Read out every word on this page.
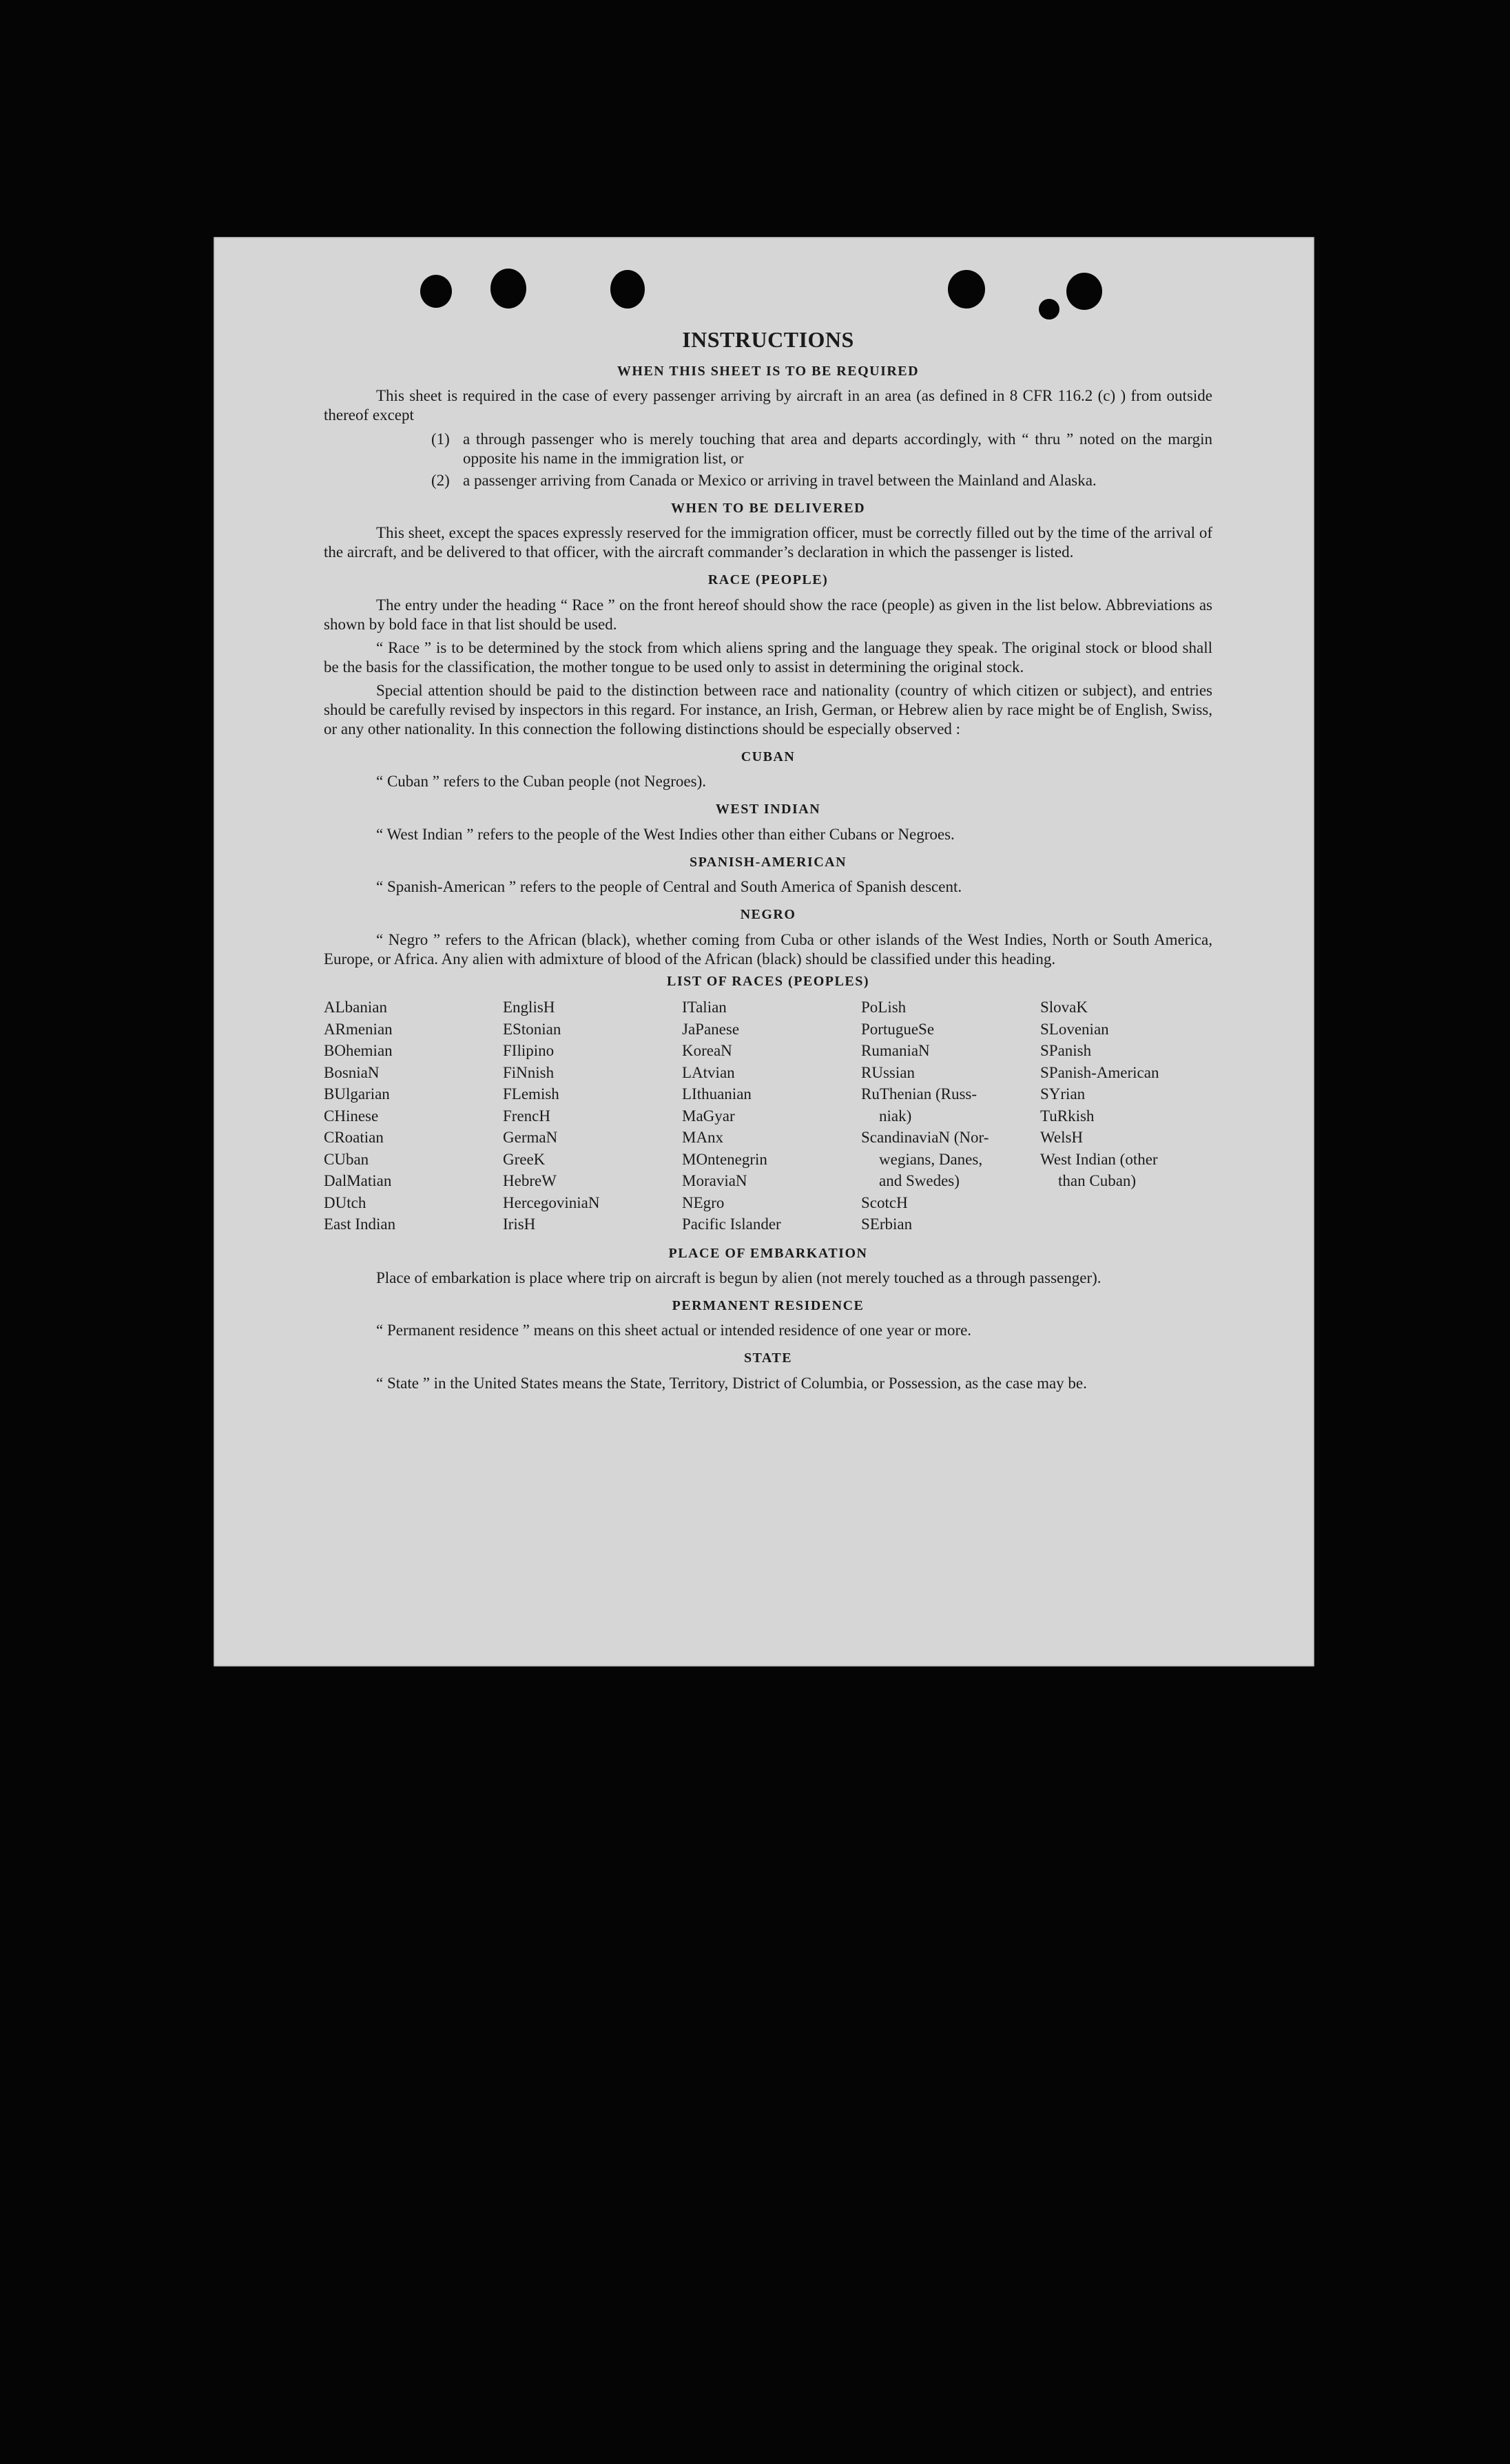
INSTRUCTIONS
WHEN THIS SHEET IS TO BE REQUIRED

This sheet is required in the case of every passenger arriving by aircraft in an area (as defined in 8 CFR 116.2 (c) ) from outside thereof except

(1) a through passenger who is merely touching that area and departs accordingly, with “ thru ” noted on the margin opposite his name in the immigration list, or
(2) a passenger arriving from Canada or Mexico or arriving in travel between the Mainland and Alaska.
WHEN TO BE DELIVERED

This sheet, except the spaces expressly reserved for the immigration officer, must be correctly filled out by the time of the arrival of the aircraft, and be delivered to that officer, with the aircraft commander’s declaration in which the passenger is listed.

RACE (PEOPLE)

The entry under the heading “ Race ” on the front hereof should show the race (people) as given in the list below. Abbreviations as shown by bold face in that list should be used.

“ Race ” is to be determined by the stock from which aliens spring and the language they speak. The original stock or blood shall be the basis for the classification, the mother tongue to be used only to assist in determining the original stock.

Special attention should be paid to the distinction between race and nationality (country of which citizen or subject), and entries should be carefully revised by inspectors in this regard. For instance, an Irish, German, or Hebrew alien by race might be of English, Swiss, or any other nationality. In this connection the following distinctions should be especially observed :

CUBAN

“ Cuban ” refers to the Cuban people (not Negroes).

WEST INDIAN

“ West Indian ” refers to the people of the West Indies other than either Cubans or Negroes.

SPANISH-AMERICAN

“ Spanish-American ” refers to the people of Central and South America of Spanish descent.

NEGRO

“ Negro ” refers to the African (black), whether coming from Cuba or other islands of the West Indies, North or South America, Europe, or Africa. Any alien with admixture of blood of the African (black) should be classified under this heading.

LIST OF RACES (PEOPLES)
ALbanian
ARmenian
BOhemian
BosniaN
BUlgarian
CHinese
CRoatian
CUban
DalMatian
DUtch
East Indian
EnglisH
EStonian
FIlipino
FiNnish
FLemish
FrencH
GermaN
GreeK
HebreW
HercegoviniaN
IrisH
ITalian
JaPanese
KoreaN
LAtvian
LIthuanian
MaGyar
MAnx
MOntenegrin
MoraviaN
NEgro
Pacific Islander
PoLish
PortugueSe
RumaniaN
RUssian
RuThenian (Russ-
niak)
ScandinaviaN (Nor-
wegians, Danes,
and Swedes)
ScotcH
SErbian
SlovaK
SLovenian
SPanish
SPanish-American
SYrian
TuRkish
WelsH
West Indian (other
than Cuban)
PLACE OF EMBARKATION

Place of embarkation is place where trip on aircraft is begun by alien (not merely touched as a through passenger).

PERMANENT RESIDENCE

“ Permanent residence ” means on this sheet actual or intended residence of one year or more.

STATE

“ State ” in the United States means the State, Territory, District of Columbia, or Possession, as the case may be.
